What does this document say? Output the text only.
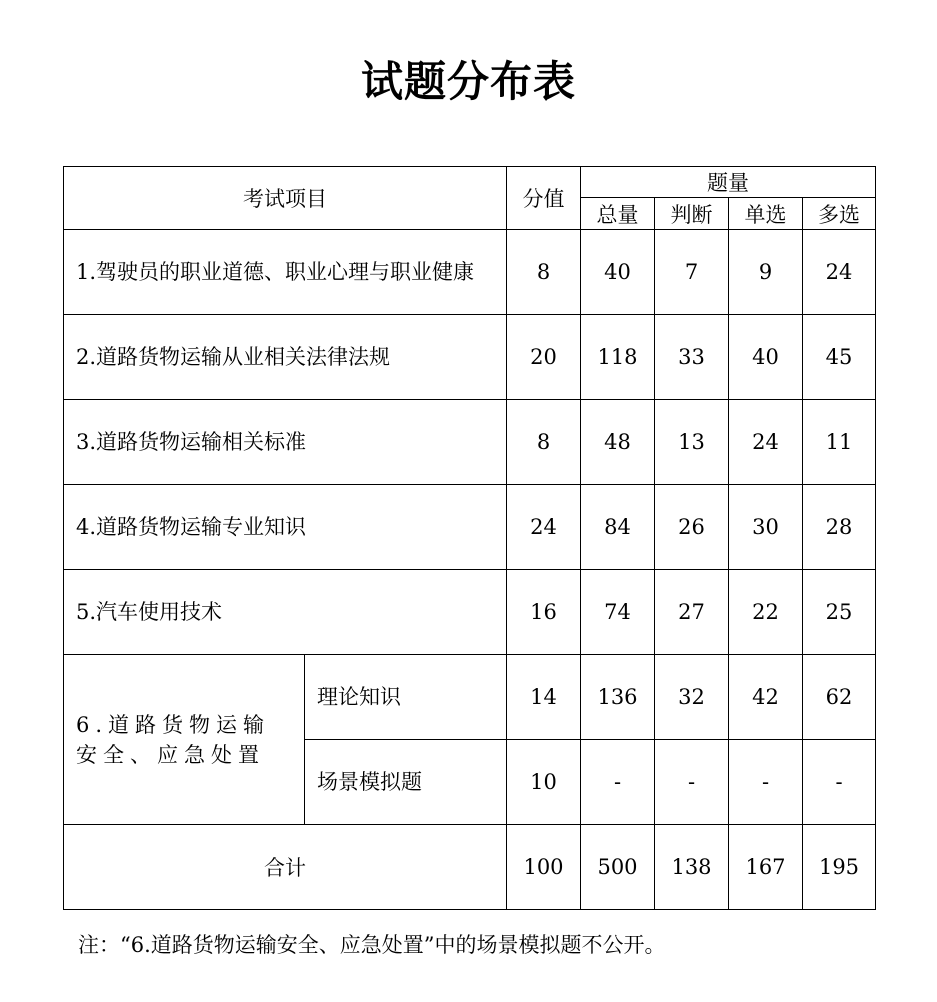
试题分布表
考试项目		分值	题量			
			总量	判断	单选	多选
1.驾驶员的职业道德、职业心理与职业健康		8	40	7	9	24
2.道路货物运输从业相关法律法规		20	118	33	40	45
3.道路货物运输相关标准		8	48	13	24	11
4.道路货物运输专业知识		24	84	26	30	28
5.汽车使用技术		16	74	27	22	25
6.道路货物运输安全、应急处置	理论知识	14	136	32	42	62
	场景模拟题	10	-	-	-	-
合计		100	500	138	167	195
注：“6.道路货物运输安全、应急处置”中的场景模拟题不公开。
